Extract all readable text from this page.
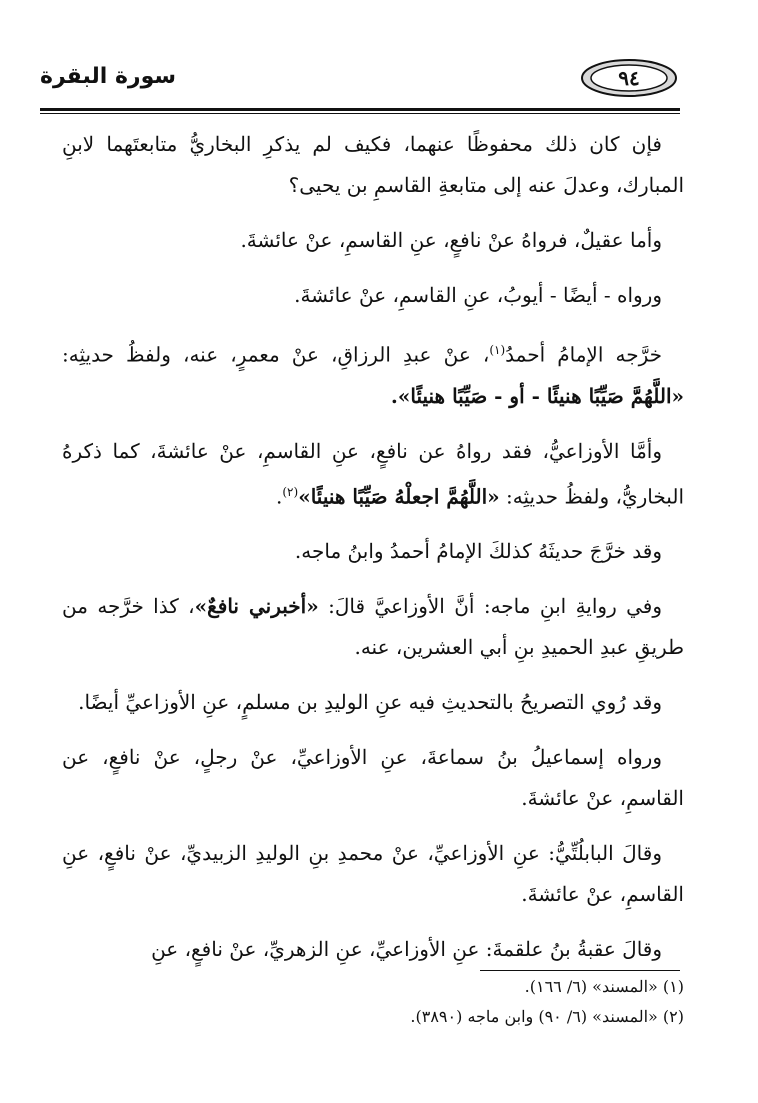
٩٤
سورة البقرة

فإن كان ذلك محفوظًا عنهما، فكيف لم يذكرِ البخاريُّ متابعتَهما لابنِ المبارك، وعدلَ عنه إلى متابعةِ القاسمِ بن يحيى؟

وأما عقيلٌ، فرواهُ عنْ نافعٍ، عنِ القاسمِ، عنْ عائشةَ.

ورواه - أيضًا - أيوبُ، عنِ القاسمِ، عنْ عائشةَ.

خرَّجه الإمامُ أحمدُ$^{(١)}$، عنْ عبدِ الرزاقِ، عنْ معمرٍ، عنه، ولفظُ حديثِه: «اللَّهُمَّ صَيِّبًا هنيئًا - أو - صَيِّبًا هنيئًا».

وأمَّا الأوزاعيُّ، فقد رواهُ عن نافعٍ، عنِ القاسمِ، عنْ عائشةَ، كما ذكرهُ البخاريُّ، ولفظُ حديثِه: «اللَّهُمَّ اجعلْهُ صَيِّبًا هنيئًا»$^{(٢)}$.

وقد خرَّجَ حديثَهُ كذلكَ الإمامُ أحمدُ وابنُ ماجه.

وفي روايةِ ابنِ ماجه: أنَّ الأوزاعيَّ قالَ: «أخبرني نافعٌ»، كذا خرَّجه من طريقِ عبدِ الحميدِ بنِ أبي العشرين، عنه.

وقد رُوي التصريحُ بالتحديثِ فيه عنِ الوليدِ بن مسلمٍ، عنِ الأوزاعيِّ أيضًا.

ورواه إسماعيلُ بنُ سماعةَ، عنِ الأوزاعيِّ، عنْ رجلٍ، عنْ نافعٍ، عن القاسمِ، عنْ عائشةَ.

وقالَ البابلُتِّيُّ: عنِ الأوزاعيِّ، عنْ محمدِ بنِ الوليدِ الزبيديِّ، عنْ نافعٍ، عنِ القاسمِ، عنْ عائشةَ.

وقالَ عقبةُ بنُ علقمةَ: عنِ الأوزاعيِّ، عنِ الزهريِّ، عنْ نافعٍ، عنِ

(١) «المسند» (٦/ ١٦٦).

(٢) «المسند» (٦/ ٩٠) وابن ماجه (٣٨٩٠).
